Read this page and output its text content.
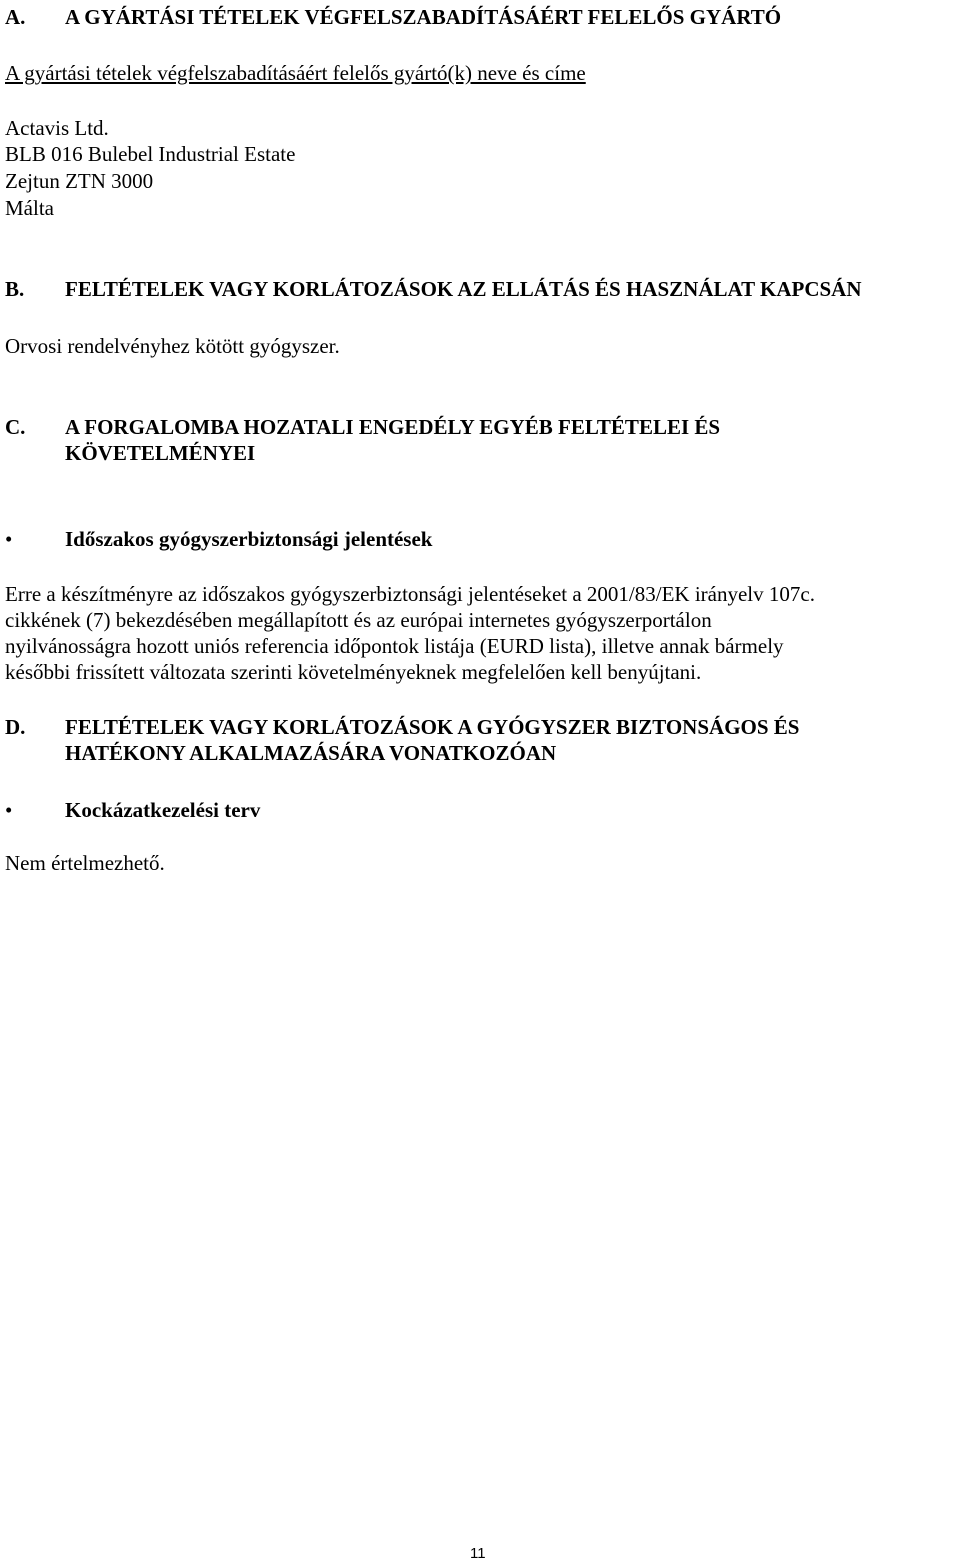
A. A GYÁRTÁSI TÉTELEK VÉGFELSZABADÍTÁSÁÉRT FELELŐS GYÁRTÓ
A gyártási tételek végfelszabadításáért felelős gyártó(k) neve és címe
Actavis Ltd.
BLB 016 Bulebel Industrial Estate
Zejtun ZTN 3000
Málta
B. FELTÉTELEK VAGY KORLÁTOZÁSOK AZ ELLÁTÁS ÉS HASZNÁLAT KAPCSÁN
Orvosi rendelvényhez kötött gyógyszer.
C. A FORGALOMBA HOZATALI ENGEDÉLY EGYÉB FELTÉTELEI ÉS
KÖVETELMÉNYEI
•	Időszakos gyógyszerbiztonsági jelentések
Erre a készítményre az időszakos gyógyszerbiztonsági jelentéseket a 2001/83/EK irányelv 107c.
cikkének (7) bekezdésében megállapított és az európai internetes gyógyszerportálon
nyilvánosságra hozott uniós referencia időpontok listája (EURD lista), illetve annak bármely
későbbi frissített változata szerinti követelményeknek megfelelően kell benyújtani.
D. FELTÉTELEK VAGY KORLÁTOZÁSOK A GYÓGYSZER BIZTONSÁGOS ÉS
HATÉKONY ALKALMAZÁSÁRA VONATKOZÓAN
•	Kockázatkezelési terv
Nem értelmezhető.
11
